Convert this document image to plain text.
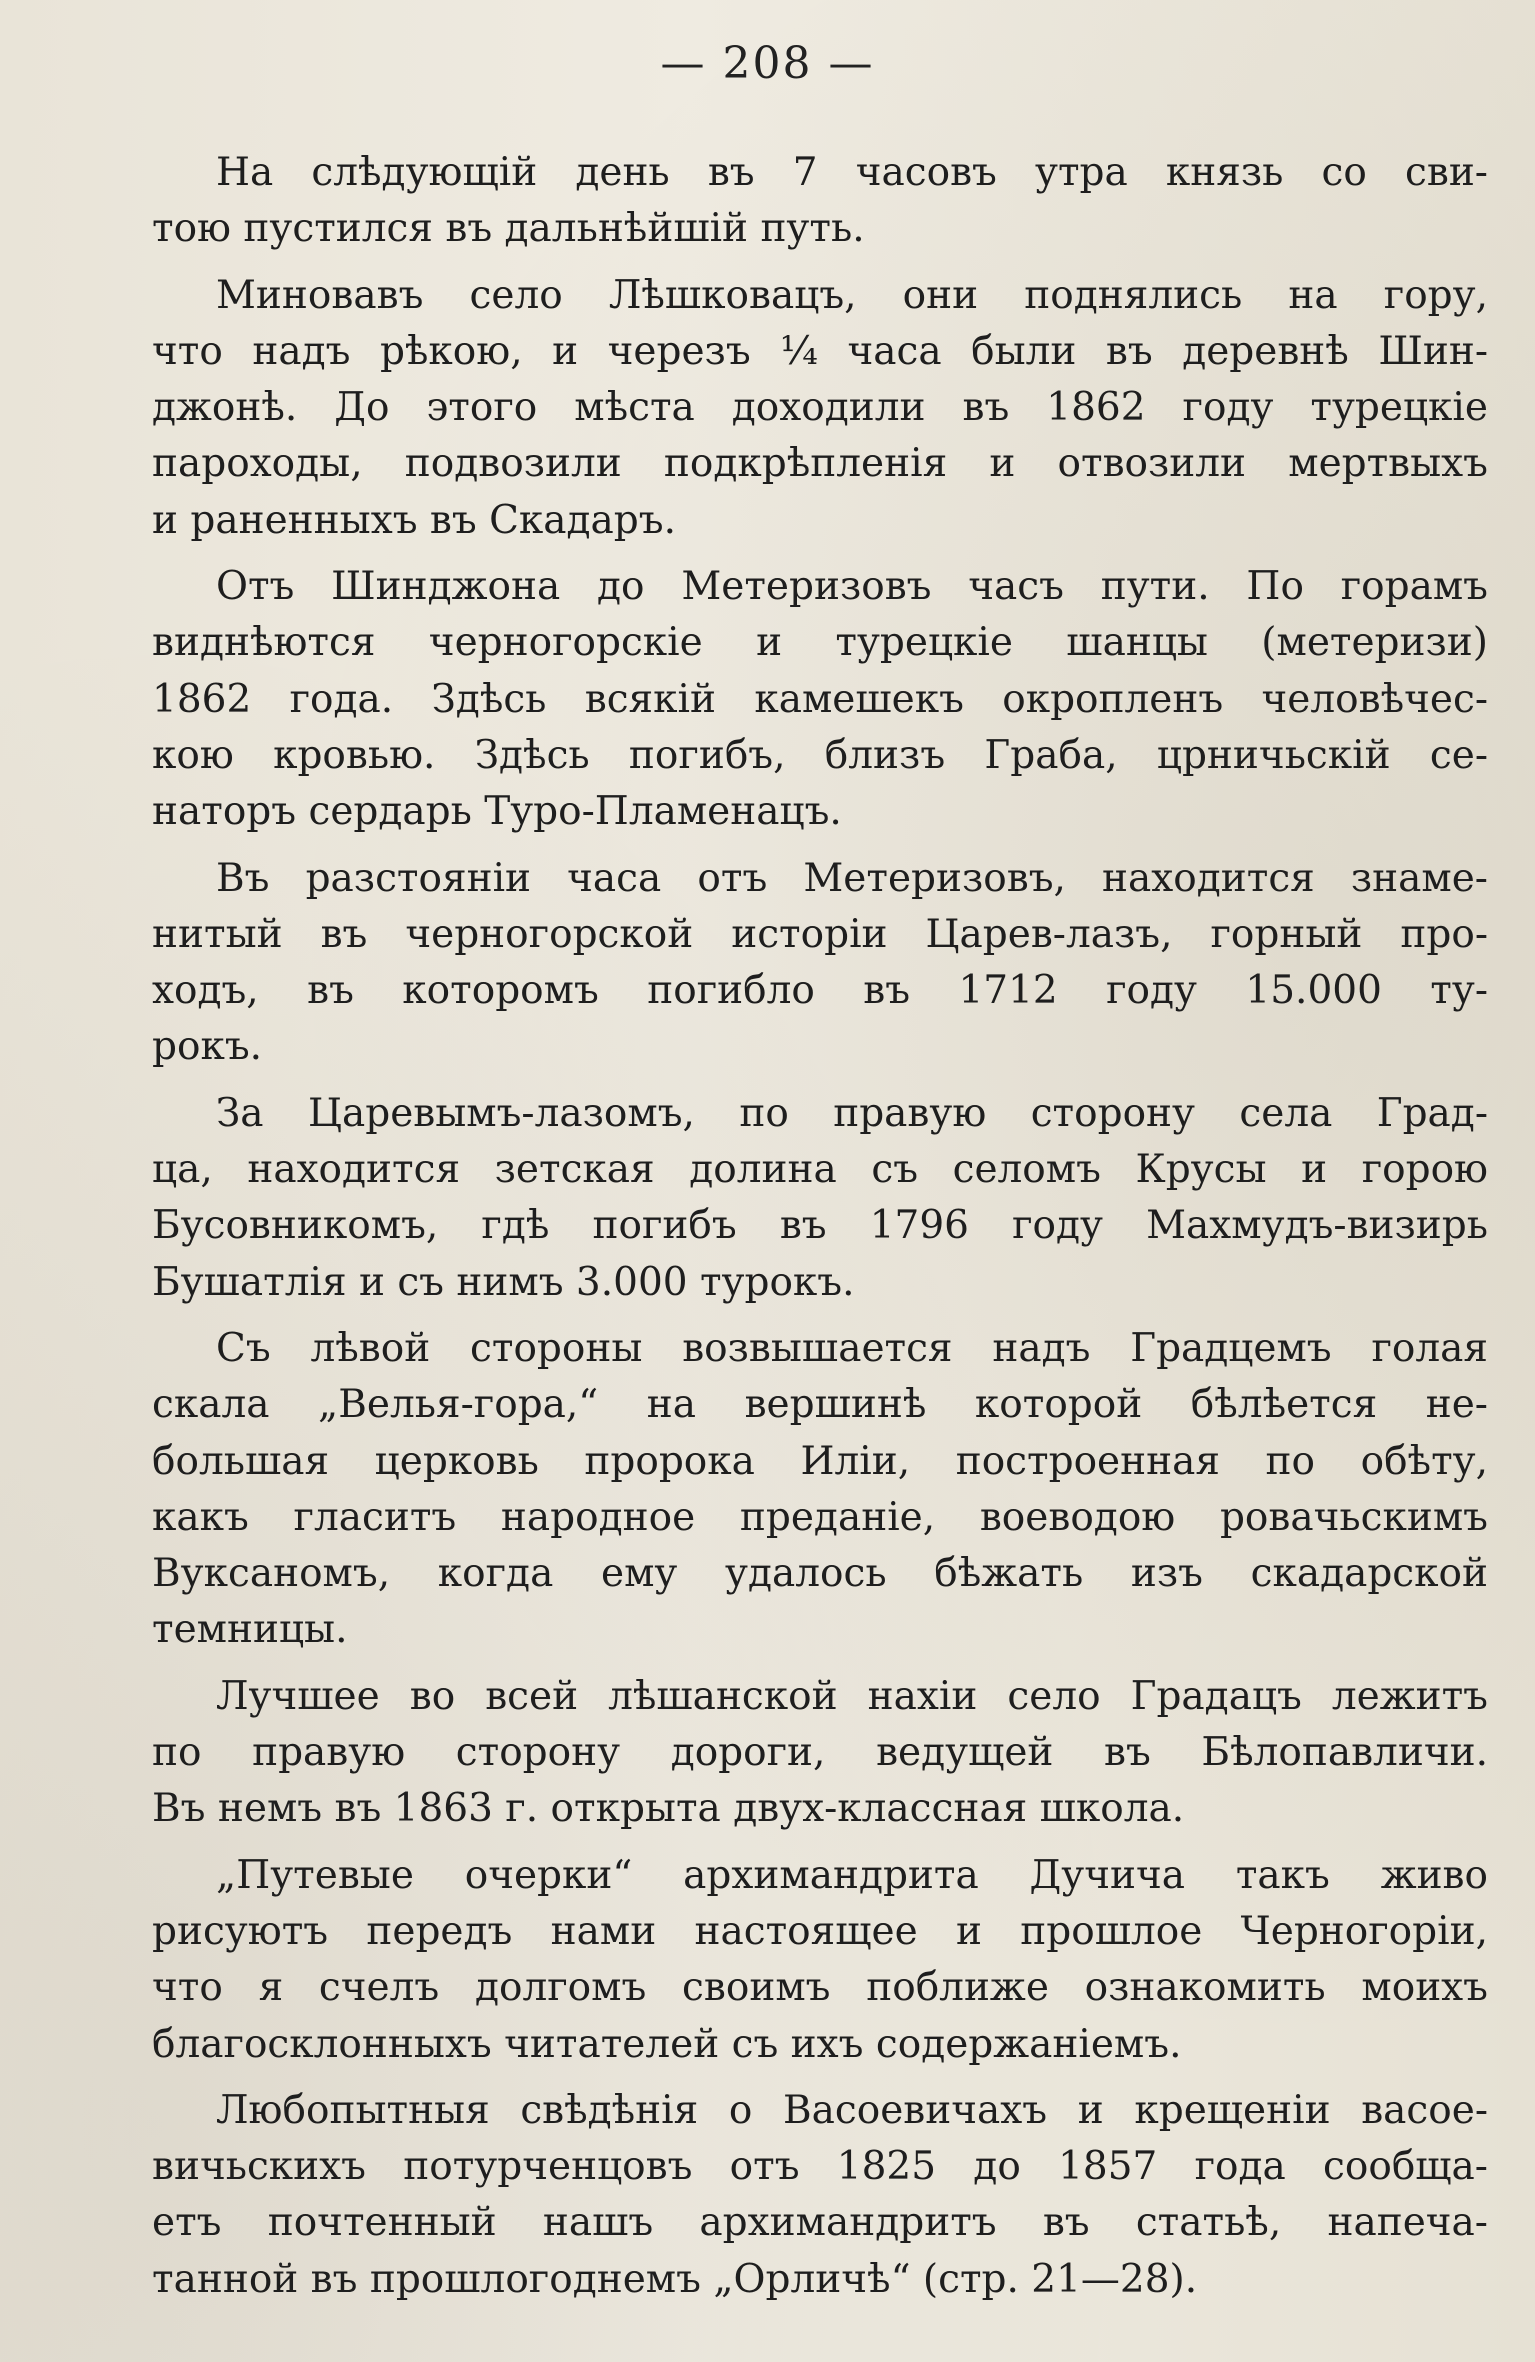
— 208 —
На слѣдующій день въ 7 часовъ утра князь со сви-
тою пустился въ дальнѣйшій путь.
Миновавъ село Лѣшковацъ, они поднялись на гору,
что надъ рѣкою, и черезъ ¼ часа были въ деревнѣ Шин-
джонѣ. До этого мѣста доходили въ 1862 году турецкіе
пароходы, подвозили подкрѣпленія и отвозили мертвыхъ
и раненныхъ въ Скадаръ.
Отъ Шинджона до Метеризовъ часъ пути. По горамъ
виднѣются черногорскіе и турецкіе шанцы (метеризи)
1862 года. Здѣсь всякій камешекъ окропленъ человѣчес-
кою кровью. Здѣсь погибъ, близъ Граба, црничьскій се-
наторъ сердарь Туро-Пламенацъ.
Въ разстояніи часа отъ Метеризовъ, находится знаме-
нитый въ черногорской исторіи Царев-лазъ, горный про-
ходъ, въ которомъ погибло въ 1712 году 15.000 ту-
рокъ.
За Царевымъ-лазомъ, по правую сторону села Град-
ца, находится зетская долина съ селомъ Крусы и горою
Бусовникомъ, гдѣ погибъ въ 1796 году Махмудъ-визирь
Бушатлія и съ нимъ 3.000 турокъ.
Съ лѣвой стороны возвышается надъ Градцемъ голая
скала „Велья-гора,“ на вершинѣ которой бѣлѣется не-
большая церковь пророка Иліи, построенная по обѣту,
какъ гласитъ народное преданіе, воеводою ровачьскимъ
Вуксаномъ, когда ему удалось бѣжать изъ скадарской
темницы.
Лучшее во всей лѣшанской нахіи село Градацъ лежитъ
по правую сторону дороги, ведущей въ Бѣлопавличи.
Въ немъ въ 1863 г. открыта двух-классная школа.
„Путевые очерки“ архимандрита Дучича такъ живо
рисуютъ передъ нами настоящее и прошлое Черногоріи,
что я счелъ долгомъ своимъ поближе ознакомить моихъ
благосклонныхъ читателей съ ихъ содержаніемъ.
Любопытныя свѣдѣнія о Васоевичахъ и крещеніи васое-
вичьскихъ потурченцовъ отъ 1825 до 1857 года сообща-
етъ почтенный нашъ архимандритъ въ статьѣ, напеча-
танной въ прошлогоднемъ „Орличѣ“ (стр. 21—28).
